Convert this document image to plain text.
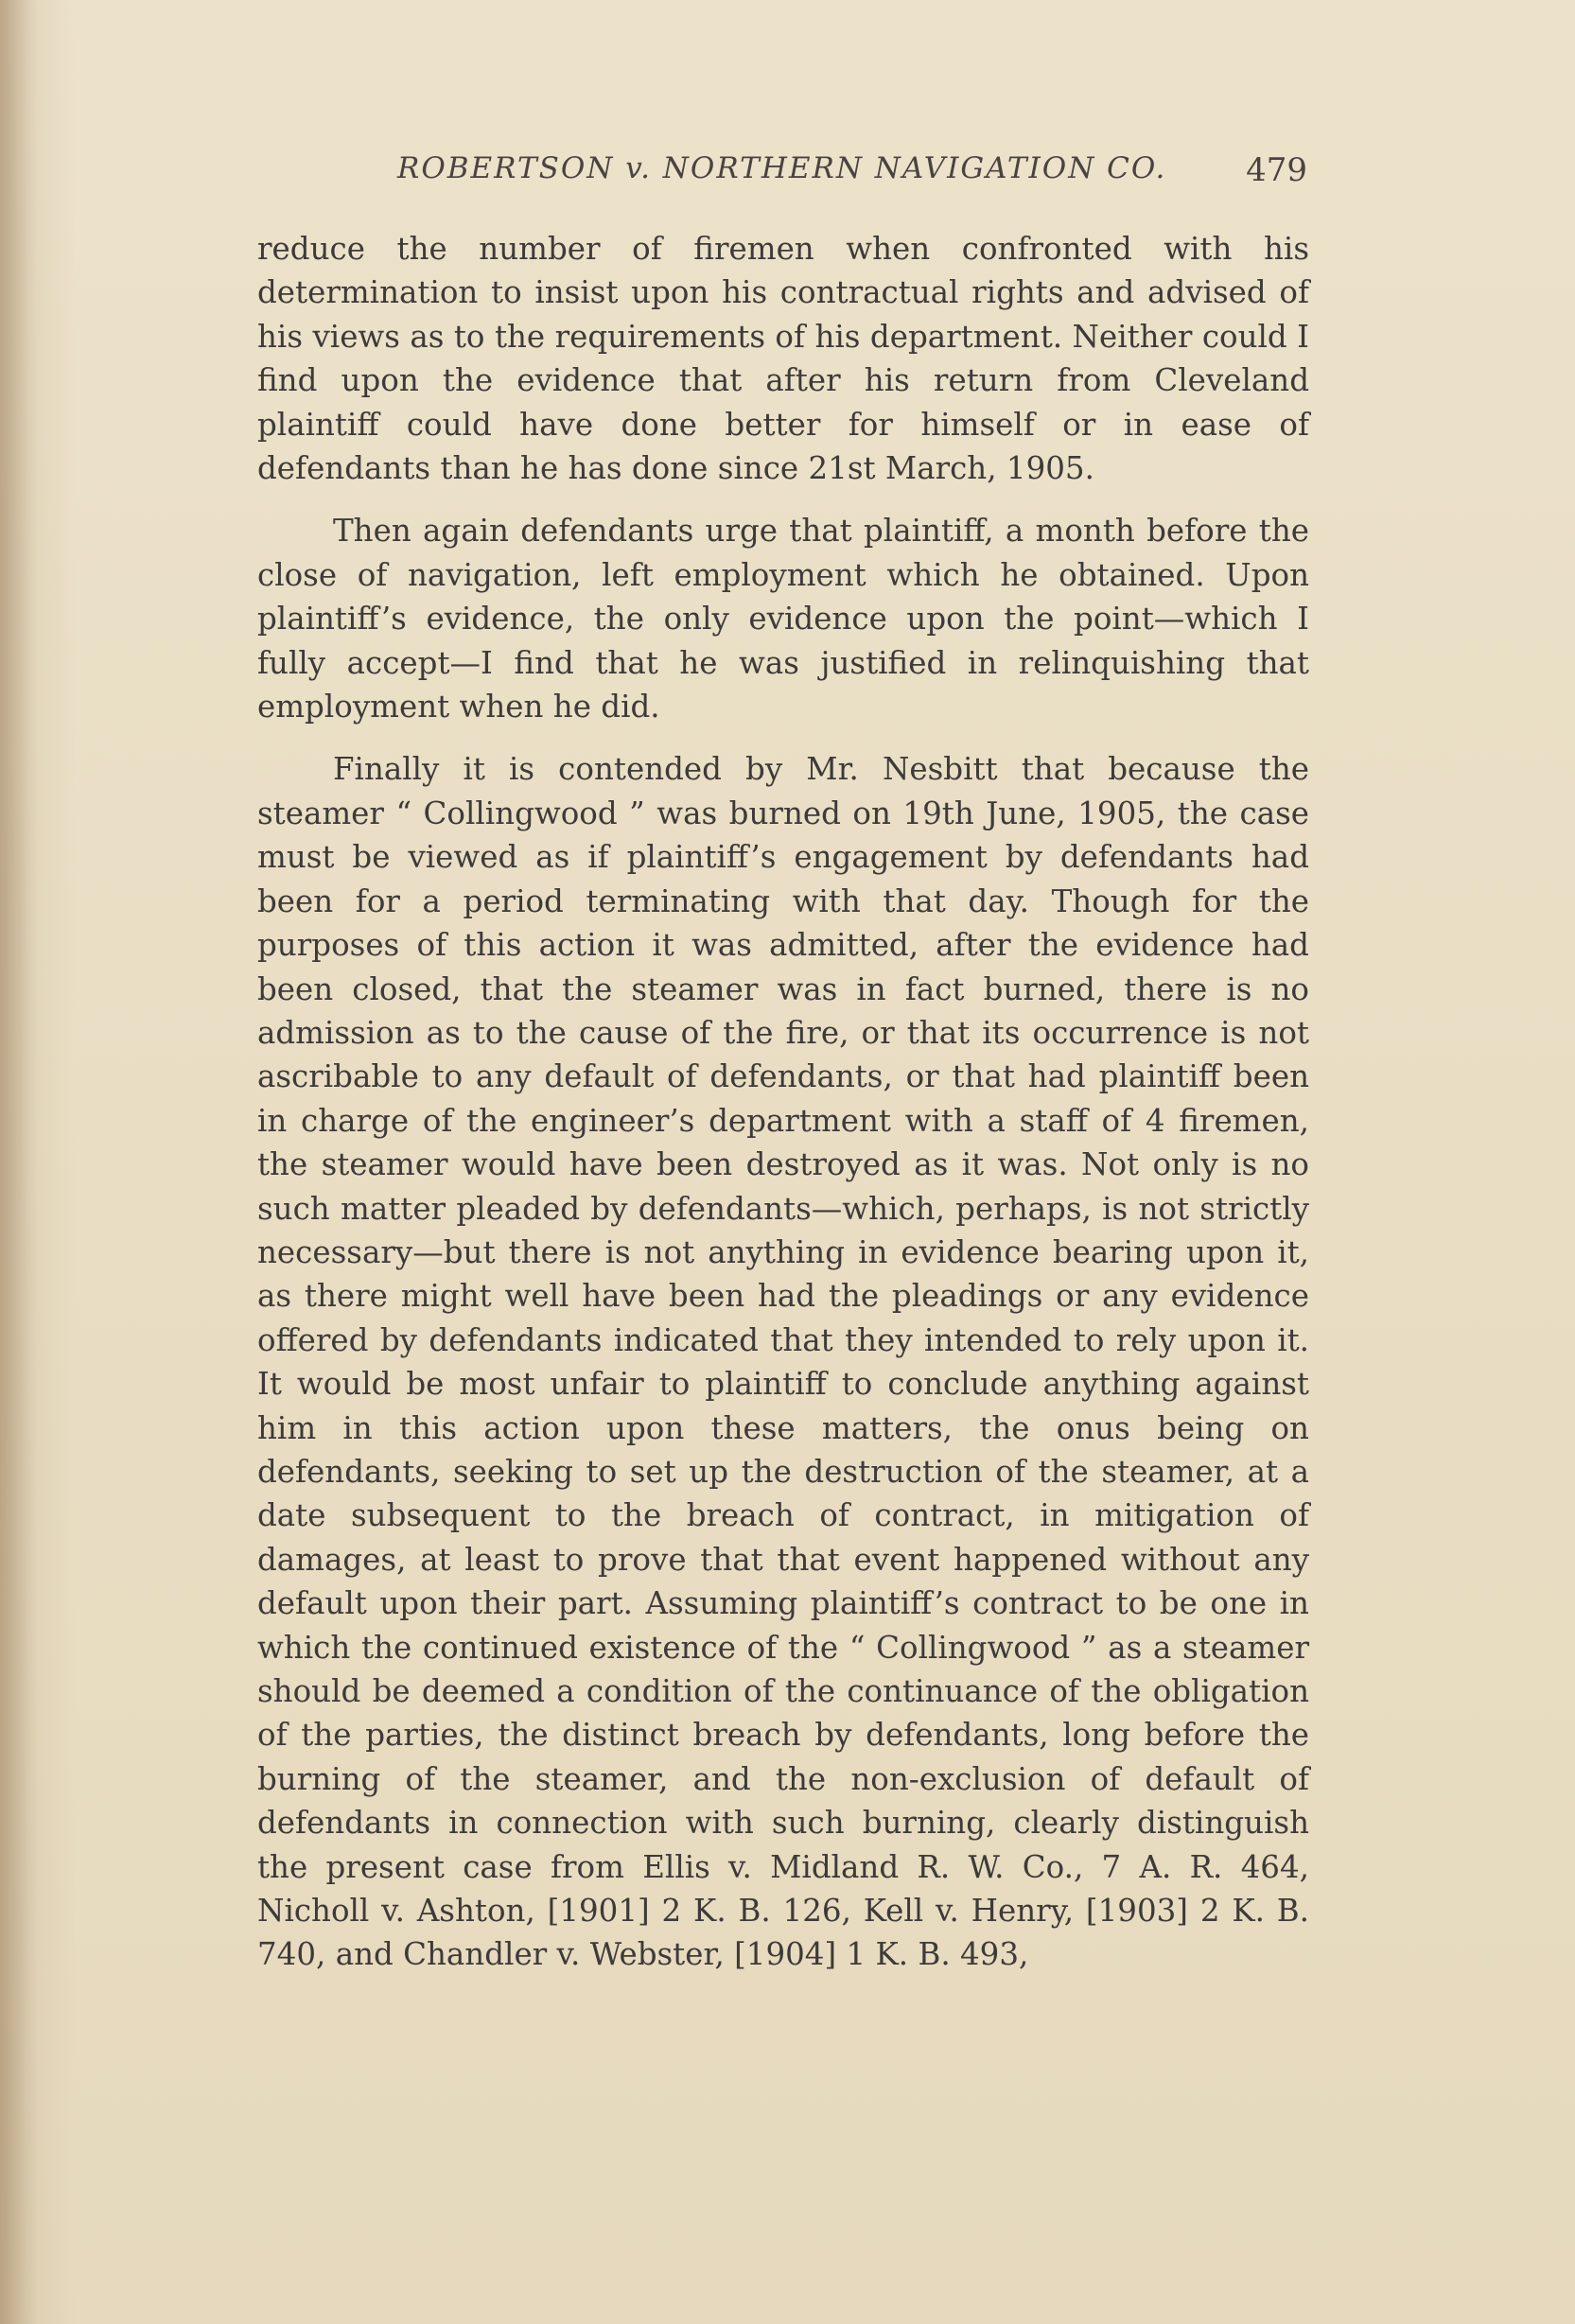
ROBERTSON v. NORTHERN NAVIGATION CO. 479

reduce the number of firemen when confronted with his determination to insist upon his contractual rights and advised of his views as to the requirements of his department. Neither could I find upon the evidence that after his return from Cleveland plaintiff could have done better for himself or in ease of defendants than he has done since 21st March, 1905.

Then again defendants urge that plaintiff, a month before the close of navigation, left employment which he obtained. Upon plaintiff’s evidence, the only evidence upon the point—which I fully accept—I find that he was justified in relinquishing that employment when he did.

Finally it is contended by Mr. Nesbitt that because the steamer “ Collingwood ” was burned on 19th June, 1905, the case must be viewed as if plaintiff’s engagement by defendants had been for a period terminating with that day. Though for the purposes of this action it was admitted, after the evidence had been closed, that the steamer was in fact burned, there is no admission as to the cause of the fire, or that its occurrence is not ascribable to any default of defendants, or that had plaintiff been in charge of the engineer’s department with a staff of 4 firemen, the steamer would have been destroyed as it was. Not only is no such matter pleaded by defendants—which, perhaps, is not strictly necessary—but there is not anything in evidence bearing upon it, as there might well have been had the pleadings or any evidence offered by defendants indicated that they intended to rely upon it. It would be most unfair to plaintiff to conclude anything against him in this action upon these matters, the onus being on defendants, seeking to set up the destruction of the steamer, at a date subsequent to the breach of contract, in mitigation of damages, at least to prove that that event happened without any default upon their part. Assuming plaintiff’s contract to be one in which the continued existence of the “ Collingwood ” as a steamer should be deemed a condition of the continuance of the obligation of the parties, the distinct breach by defendants, long before the burning of the steamer, and the non-exclusion of default of defendants in connection with such burning, clearly distinguish the present case from Ellis v. Midland R. W. Co., 7 A. R. 464, Nicholl v. Ashton, [1901] 2 K. B. 126, Kell v. Henry, [1903] 2 K. B. 740, and Chandler v. Webster, [1904] 1 K. B. 493,
